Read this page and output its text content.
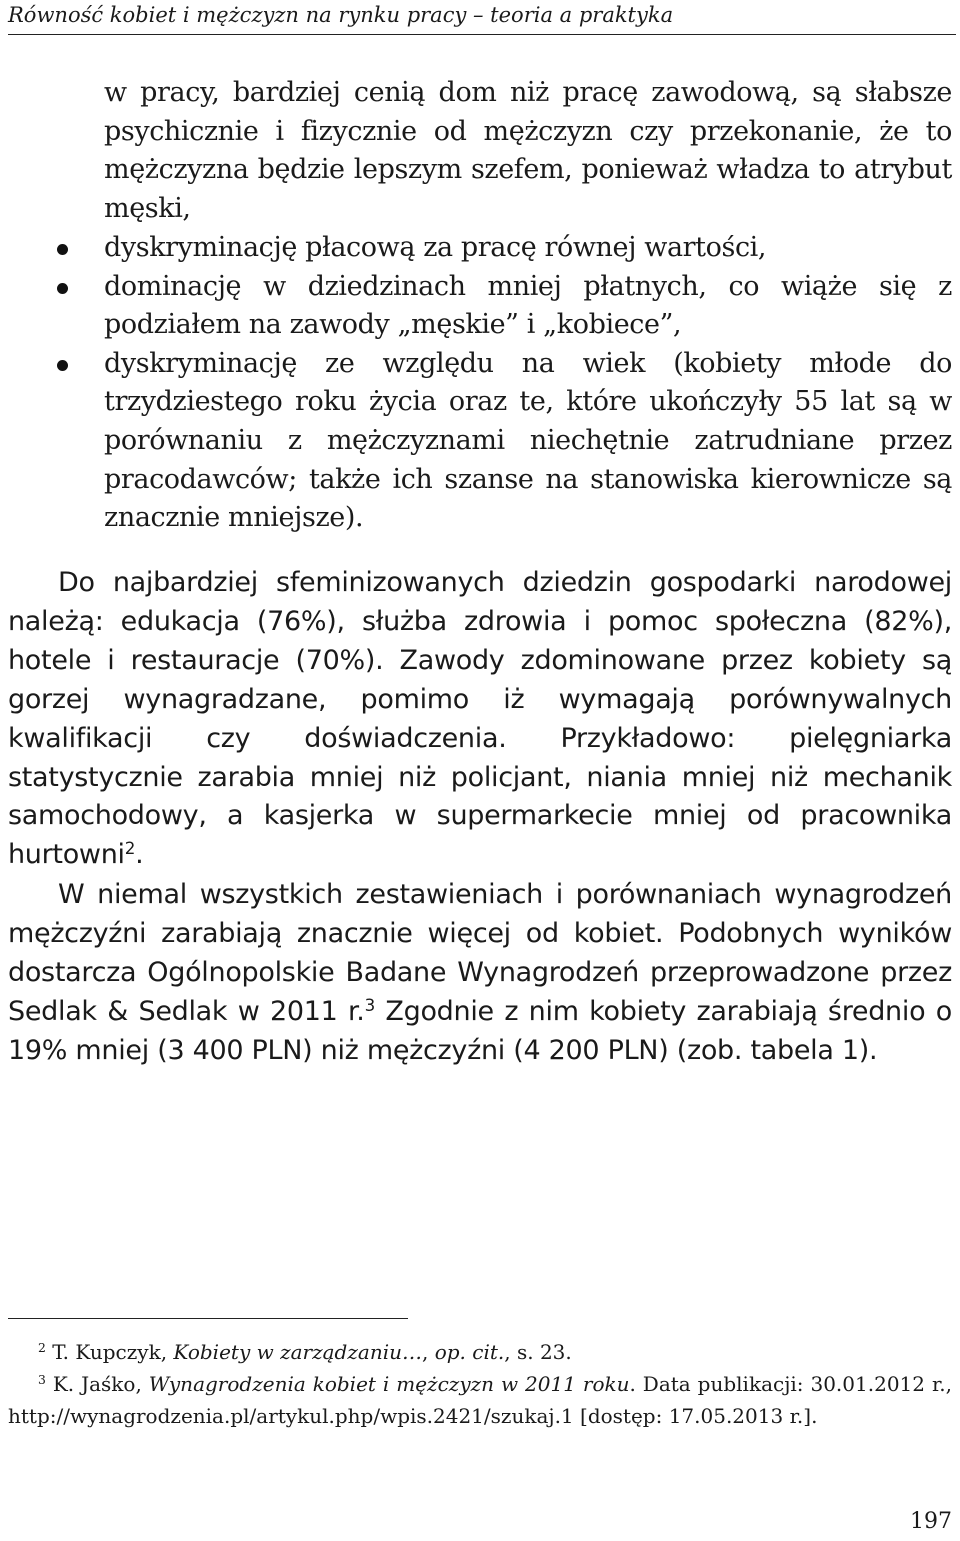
Równość kobiet i mężczyzn na rynku pracy – teoria a praktyka
w pracy, bardziej cenią dom niż pracę zawodową, są słabsze psychicznie i fizycznie od mężczyzn czy przekonanie, że to mężczyzna będzie lepszym szefem, ponieważ władza to atrybut męski,
dyskryminację płacową za pracę równej wartości,
dominację w dziedzinach mniej płatnych, co wiąże się z podziałem na zawody „męskie” i „kobiece”,
dyskryminację ze względu na wiek (kobiety młode do trzydziestego roku życia oraz te, które ukończyły 55 lat są w porównaniu z mężczyznami niechętnie zatrudniane przez pracodawców; także ich szanse na stanowiska kierownicze są znacznie mniejsze).

Do najbardziej sfeminizowanych dziedzin gospodarki narodowej należą: edukacja (76%), służba zdrowia i pomoc społeczna (82%), hotele i restauracje (70%). Zawody zdominowane przez kobiety są gorzej wynagradzane, pomimo iż wymagają porównywalnych kwalifikacji czy doświadczenia. Przykładowo: pielęgniarka statystycznie zarabia mniej niż policjant, niania mniej niż mechanik samochodowy, a kasjerka w supermarkecie mniej od pracownika hurtowni$^2$.

W niemal wszystkich zestawieniach i porównaniach wynagrodzeń mężczyźni zarabiają znacznie więcej od kobiet. Podobnych wyników dostarcza Ogólnopolskie Badane Wynagrodzeń przeprowadzone przez Sedlak & Sedlak w 2011 r.$^3$ Zgodnie z nim kobiety zarabiają średnio o 19% mniej (3 400 PLN) niż mężczyźni (4 200 PLN) (zob. tabela 1).

$^2$ T. Kupczyk, Kobiety w zarządzaniu…, op. cit., s. 23.

$^3$ K. Jaśko, Wynagrodzenia kobiet i mężczyzn w 2011 roku. Data publikacji: 30.01.2012 r., http://wynagrodzenia.pl/artykul.php/wpis.2421/szukaj.1 [dostęp: 17.05.2013 r.].

197
